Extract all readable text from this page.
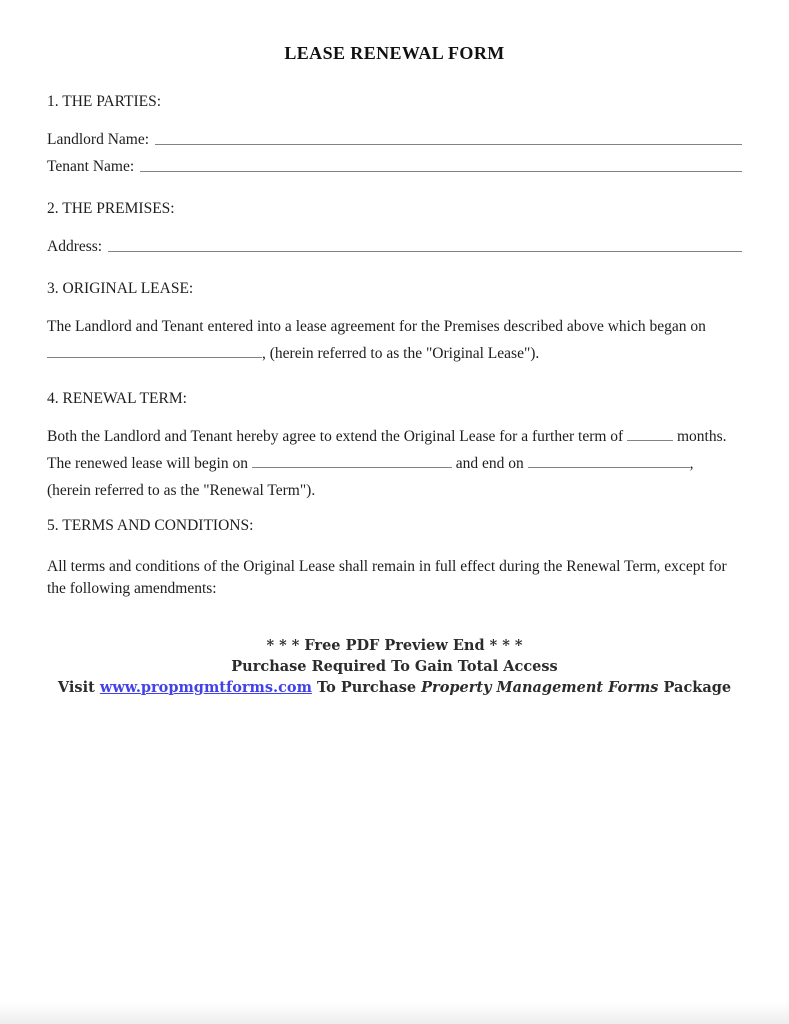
LEASE RENEWAL FORM
1. THE PARTIES:
Landlord Name:
Tenant Name:
2. THE PREMISES:
Address:
3. ORIGINAL LEASE:
The Landlord and Tenant entered into a lease agreement for the Premises described above which began on
, (herein referred to as the "Original Lease").
4. RENEWAL TERM:
Both the Landlord and Tenant hereby agree to extend the Original Lease for a further term of	months.
The renewed lease will begin on	and end on	,
(herein referred to as the "Renewal Term").
5. TERMS AND CONDITIONS:
All terms and conditions of the Original Lease shall remain in full effect during the Renewal Term, except for the following amendments:
* * * Free PDF Preview End * * *
Purchase Required To Gain Total Access
Visit www.propmgmtforms.com To Purchase Property Management Forms Package
